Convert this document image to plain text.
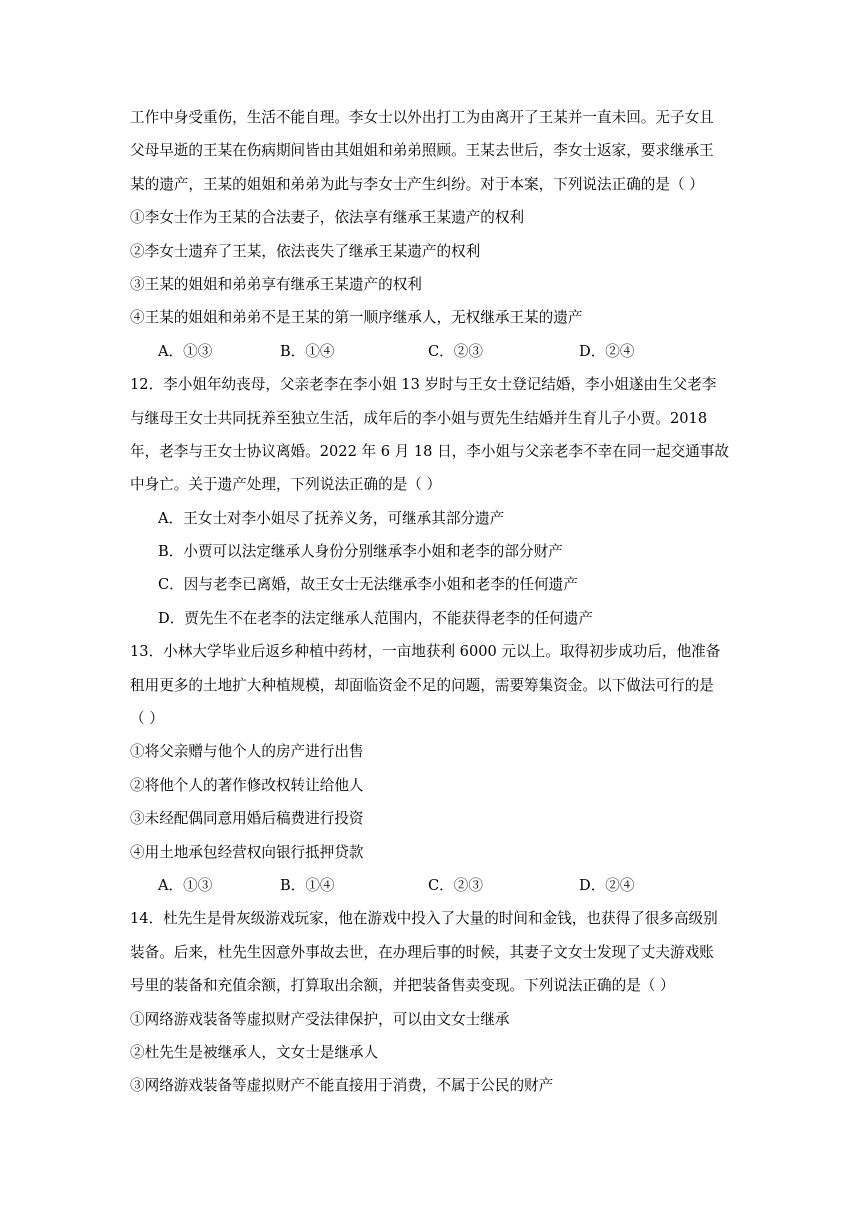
工作中身受重伤，生活不能自理。李女士以外出打工为由离开了王某并一直未回。无子女且
父母早逝的王某在伤病期间皆由其姐姐和弟弟照顾。王某去世后，李女士返家，要求继承王
某的遗产，王某的姐姐和弟弟为此与李女士产生纠纷。对于本案，下列说法正确的是（ ）
①李女士作为王某的合法妻子，依法享有继承王某遗产的权利
②李女士遗弃了王某，依法丧失了继承王某遗产的权利
③王某的姐姐和弟弟享有继承王某遗产的权利
④王某的姐姐和弟弟不是王某的第一顺序继承人，无权继承王某的遗产
A．①③	B．①④	C．②③	D．②④
12．李小姐年幼丧母，父亲老李在李小姐 13 岁时与王女士登记结婚，李小姐遂由生父老李
与继母王女士共同抚养至独立生活，成年后的李小姐与贾先生结婚并生育儿子小贾。2018
年，老李与王女士协议离婚。2022 年 6 月 18 日，李小姐与父亲老李不幸在同一起交通事故
中身亡。关于遗产处理，下列说法正确的是（ ）
A．王女士对李小姐尽了抚养义务，可继承其部分遗产
B．小贾可以法定继承人身份分别继承李小姐和老李的部分财产
C．因与老李已离婚，故王女士无法继承李小姐和老李的任何遗产
D．贾先生不在老李的法定继承人范围内，不能获得老李的任何遗产
13．小林大学毕业后返乡种植中药材，一亩地获利 6000 元以上。取得初步成功后，他准备
租用更多的土地扩大种植规模，却面临资金不足的问题，需要筹集资金。以下做法可行的是
（ ）
①将父亲赠与他个人的房产进行出售
②将他个人的著作修改权转让给他人
③未经配偶同意用婚后稿费进行投资
④用土地承包经营权向银行抵押贷款
A．①③	B．①④	C．②③	D．②④
14．杜先生是骨灰级游戏玩家，他在游戏中投入了大量的时间和金钱，也获得了很多高级别
装备。后来，杜先生因意外事故去世，在办理后事的时候，其妻子文女士发现了丈夫游戏账
号里的装备和充值余额，打算取出余额，并把装备售卖变现。下列说法正确的是（ ）
①网络游戏装备等虚拟财产受法律保护，可以由文女士继承
②杜先生是被继承人，文女士是继承人
③网络游戏装备等虚拟财产不能直接用于消费，不属于公民的财产
